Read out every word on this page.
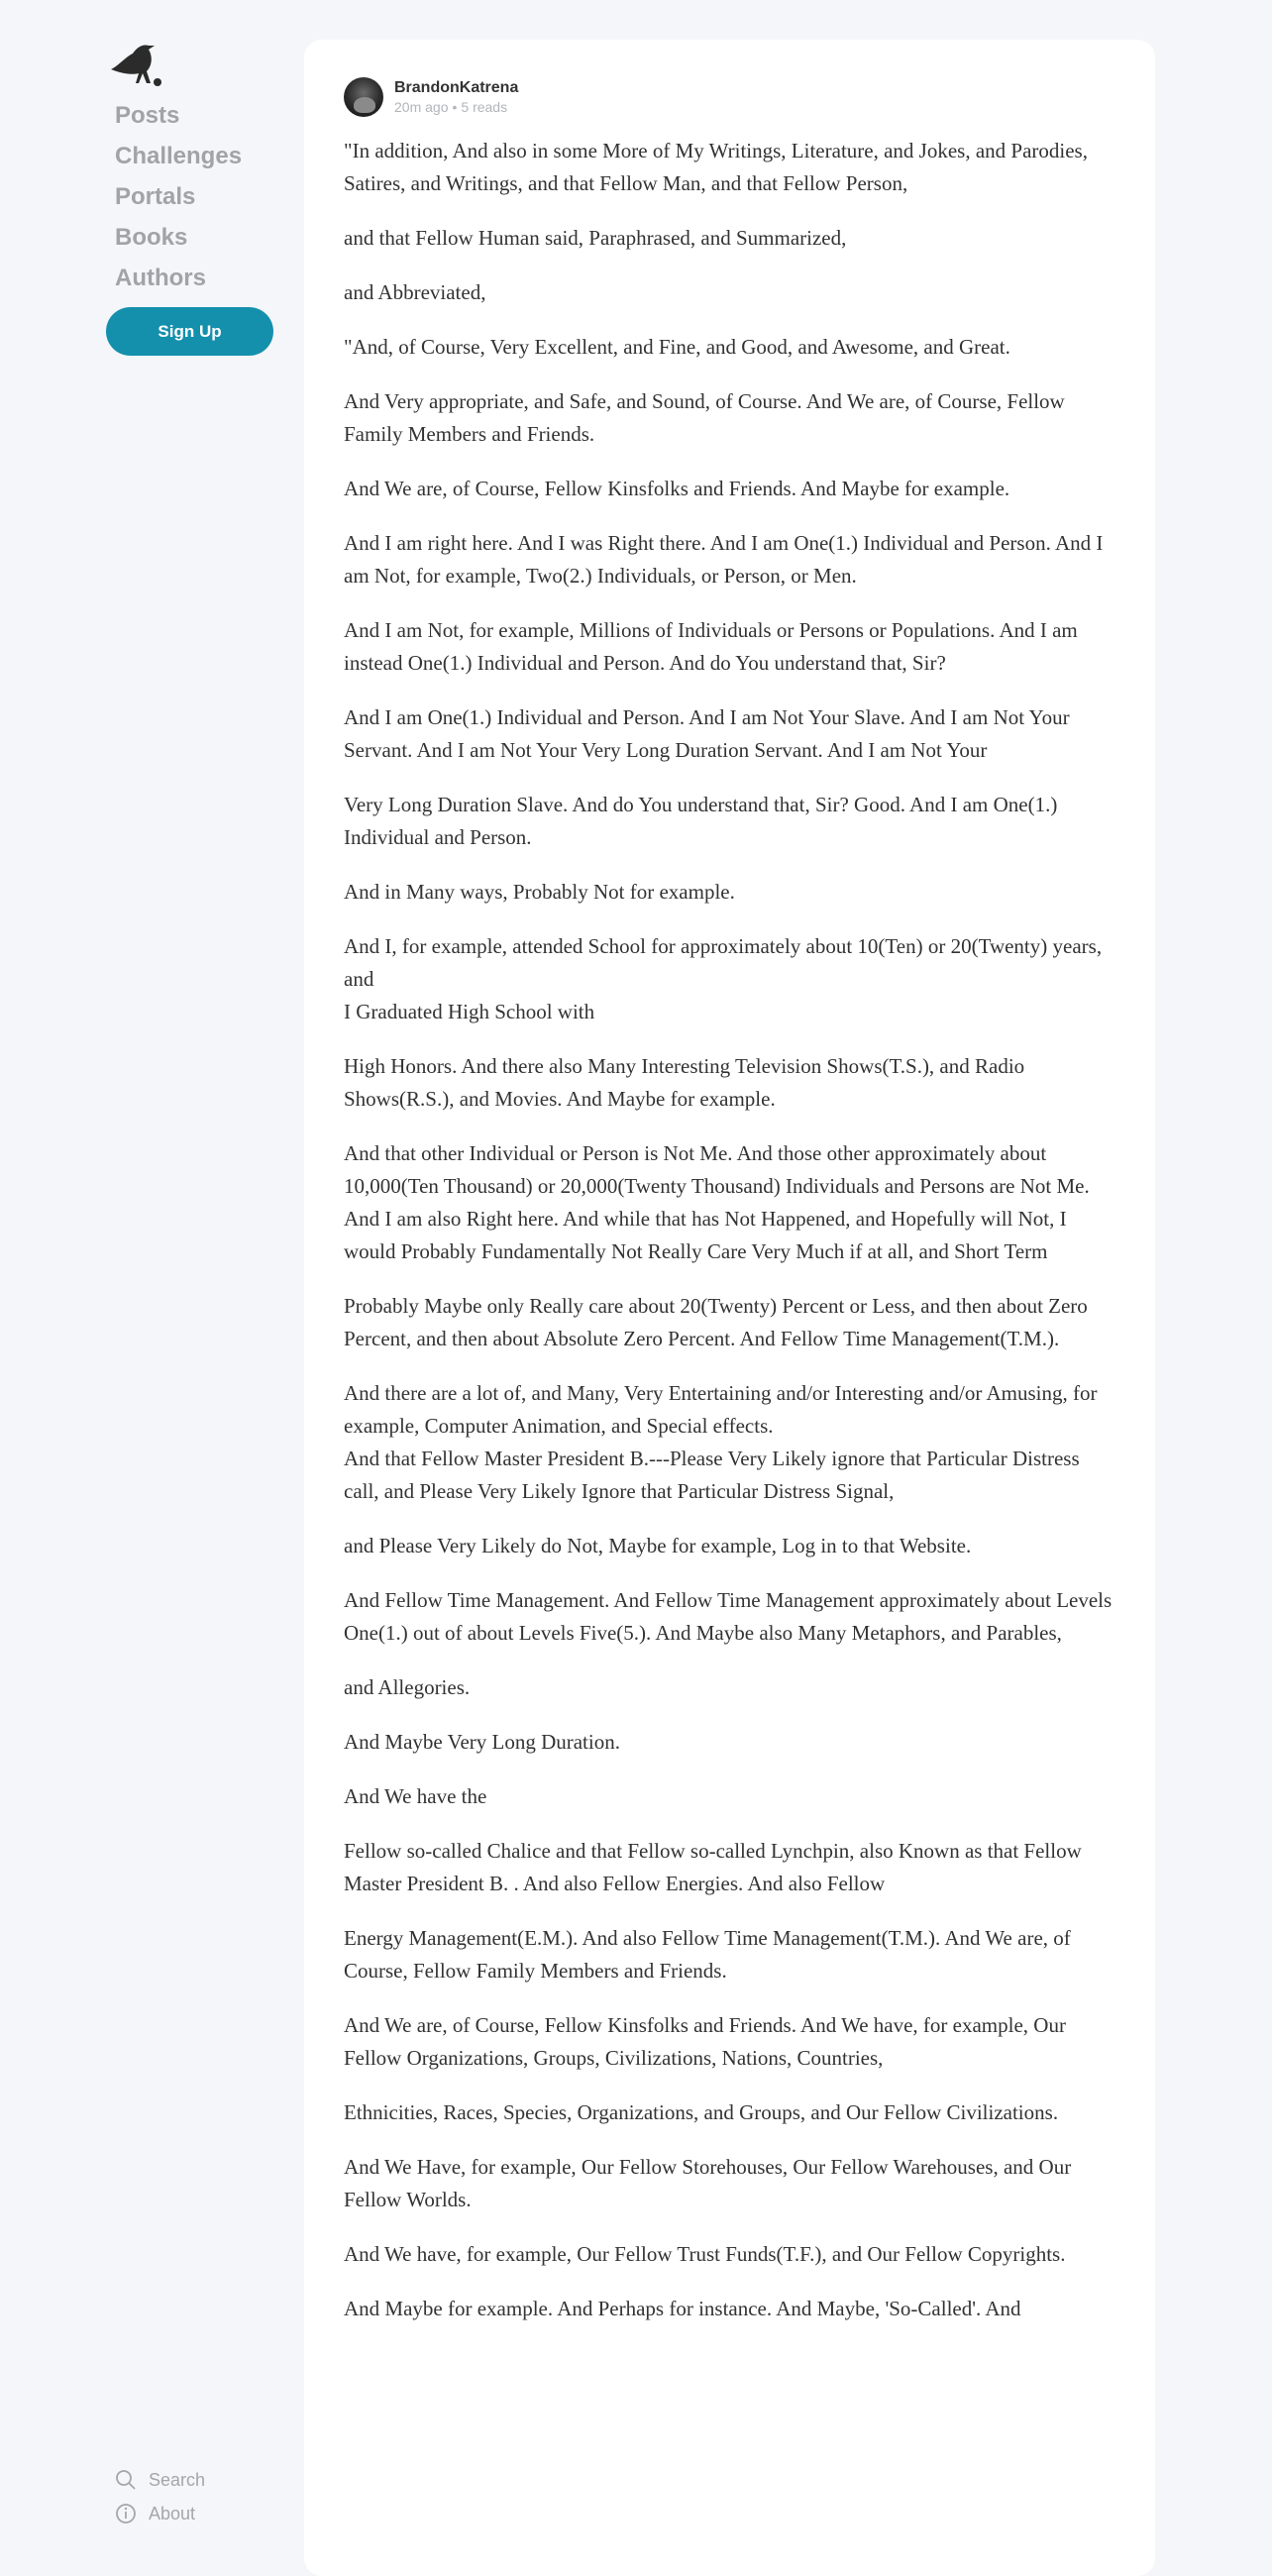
Posts
Challenges
Portals
Books
Authors
Sign Up
Search
About
BrandonKatrena
20m ago • 5 reads

"In addition, And also in some More of My Writings, Literature, and Jokes, and Parodies, Satires, and Writings, and that Fellow Man, and that Fellow Person,

and that Fellow Human said, Paraphrased, and Summarized,

and Abbreviated,

"And, of Course, Very Excellent, and Fine, and Good, and Awesome, and Great.

And Very appropriate, and Safe, and Sound, of Course. And We are, of Course, Fellow Family Members and Friends.

And We are, of Course, Fellow Kinsfolks and Friends. And Maybe for example.

And I am right here. And I was Right there. And I am One(1.) Individual and Person. And I am Not, for example, Two(2.) Individuals, or Person, or Men.

And I am Not, for example, Millions of Individuals or Persons or Populations. And I am instead One(1.) Individual and Person. And do You understand that, Sir?

And I am One(1.) Individual and Person. And I am Not Your Slave. And I am Not Your Servant. And I am Not Your Very Long Duration Servant. And I am Not Your

Very Long Duration Slave. And do You understand that, Sir? Good. And I am One(1.) Individual and Person.

And in Many ways, Probably Not for example.

And I, for example, attended School for approximately about 10(Ten) or 20(Twenty) years, and
I Graduated High School with

High Honors. And there also Many Interesting Television Shows(T.S.), and Radio Shows(R.S.), and Movies. And Maybe for example.

And that other Individual or Person is Not Me. And those other approximately about 10,000(Ten Thousand) or 20,000(Twenty Thousand) Individuals and Persons are Not Me.
And I am also Right here. And while that has Not Happened, and Hopefully will Not, I would Probably Fundamentally Not Really Care Very Much if at all, and Short Term

Probably Maybe only Really care about 20(Twenty) Percent or Less, and then about Zero Percent, and then about Absolute Zero Percent. And Fellow Time Management(T.M.).

And there are a lot of, and Many, Very Entertaining and/or Interesting and/or Amusing, for example, Computer Animation, and Special effects.
And that Fellow Master President B.---Please Very Likely ignore that Particular Distress call, and Please Very Likely Ignore that Particular Distress Signal,

and Please Very Likely do Not, Maybe for example, Log in to that Website.

And Fellow Time Management. And Fellow Time Management approximately about Levels One(1.) out of about Levels Five(5.). And Maybe also Many Metaphors, and Parables,

and Allegories.

And Maybe Very Long Duration.

And We have the

Fellow so-called Chalice and that Fellow so-called Lynchpin, also Known as that Fellow Master President B. . And also Fellow Energies. And also Fellow

Energy Management(E.M.). And also Fellow Time Management(T.M.). And We are, of Course, Fellow Family Members and Friends.

And We are, of Course, Fellow Kinsfolks and Friends. And We have, for example, Our Fellow Organizations, Groups, Civilizations, Nations, Countries,

Ethnicities, Races, Species, Organizations, and Groups, and Our Fellow Civilizations.

And We Have, for example, Our Fellow Storehouses, Our Fellow Warehouses, and Our Fellow Worlds.

And We have, for example, Our Fellow Trust Funds(T.F.), and Our Fellow Copyrights.

And Maybe for example. And Perhaps for instance. And Maybe, 'So-Called'. And
